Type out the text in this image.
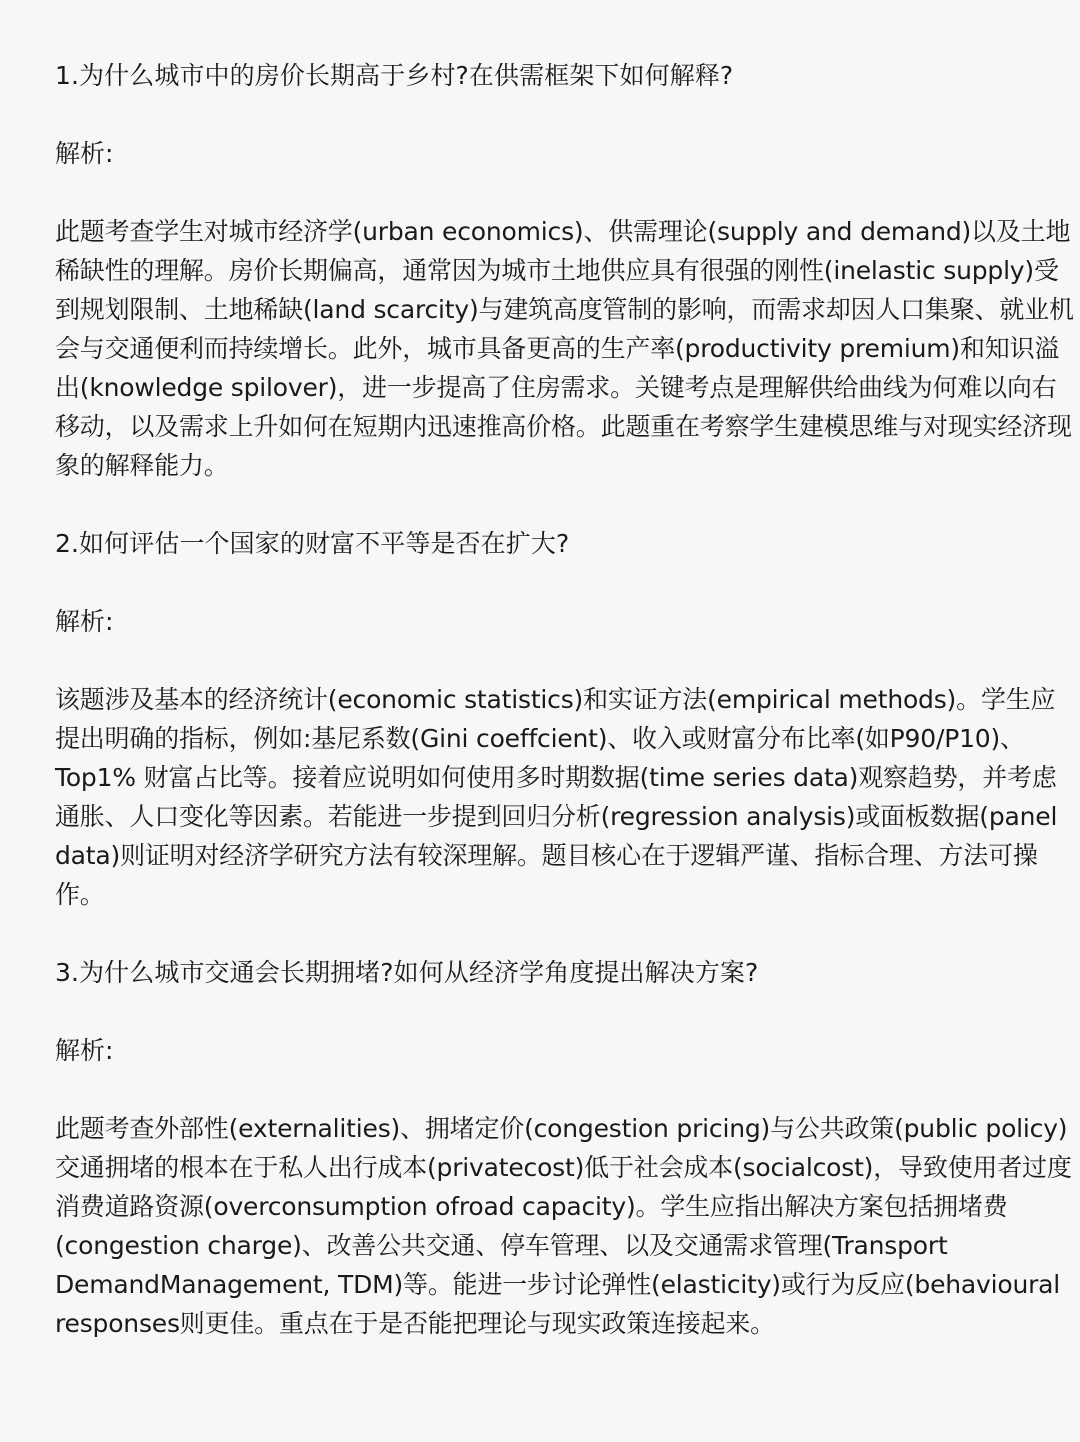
1.为什么城市中的房价长期高于乡村?在供需框架下如何解释?

解析:

此题考查学生对城市经济学(urban economics)、供需理论(supply and demand)以及土地稀缺性的理解。房价长期偏高，通常因为城市土地供应具有很强的刚性(inelastic supply)受到规划限制、土地稀缺(land scarcity)与建筑高度管制的影响，而需求却因人口集聚、就业机会与交通便利而持续增长。此外，城市具备更高的生产率(productivity premium)和知识溢出(knowledge spilover)，进一步提高了住房需求。关键考点是理解供给曲线为何难以向右移动，以及需求上升如何在短期内迅速推高价格。此题重在考察学生建模思维与对现实经济现象的解释能力。

2.如何评估一个国家的财富不平等是否在扩大?

解析:

该题涉及基本的经济统计(economic statistics)和实证方法(empirical methods)。学生应提出明确的指标，例如:基尼系数(Gini coeffcient)、收入或财富分布比率(如P90/P10)、Top1% 财富占比等。接着应说明如何使用多时期数据(time series data)观察趋势，并考虑通胀、人口变化等因素。若能进一步提到回归分析(regression analysis)或面板数据(panel data)则证明对经济学研究方法有较深理解。题目核心在于逻辑严谨、指标合理、方法可操作。

3.为什么城市交通会长期拥堵?如何从经济学角度提出解决方案?

解析:

此题考查外部性(externalities)、拥堵定价(congestion pricing)与公共政策(public policy)交通拥堵的根本在于私人出行成本(privatecost)低于社会成本(socialcost)，导致使用者过度消费道路资源(overconsumption ofroad capacity)。学生应指出解决方案包括拥堵费(congestion charge)、改善公共交通、停车管理、以及交通需求管理(Transport DemandManagement, TDM)等。能进一步讨论弹性(elasticity)或行为反应(behavioural responses则更佳。重点在于是否能把理论与现实政策连接起来。
